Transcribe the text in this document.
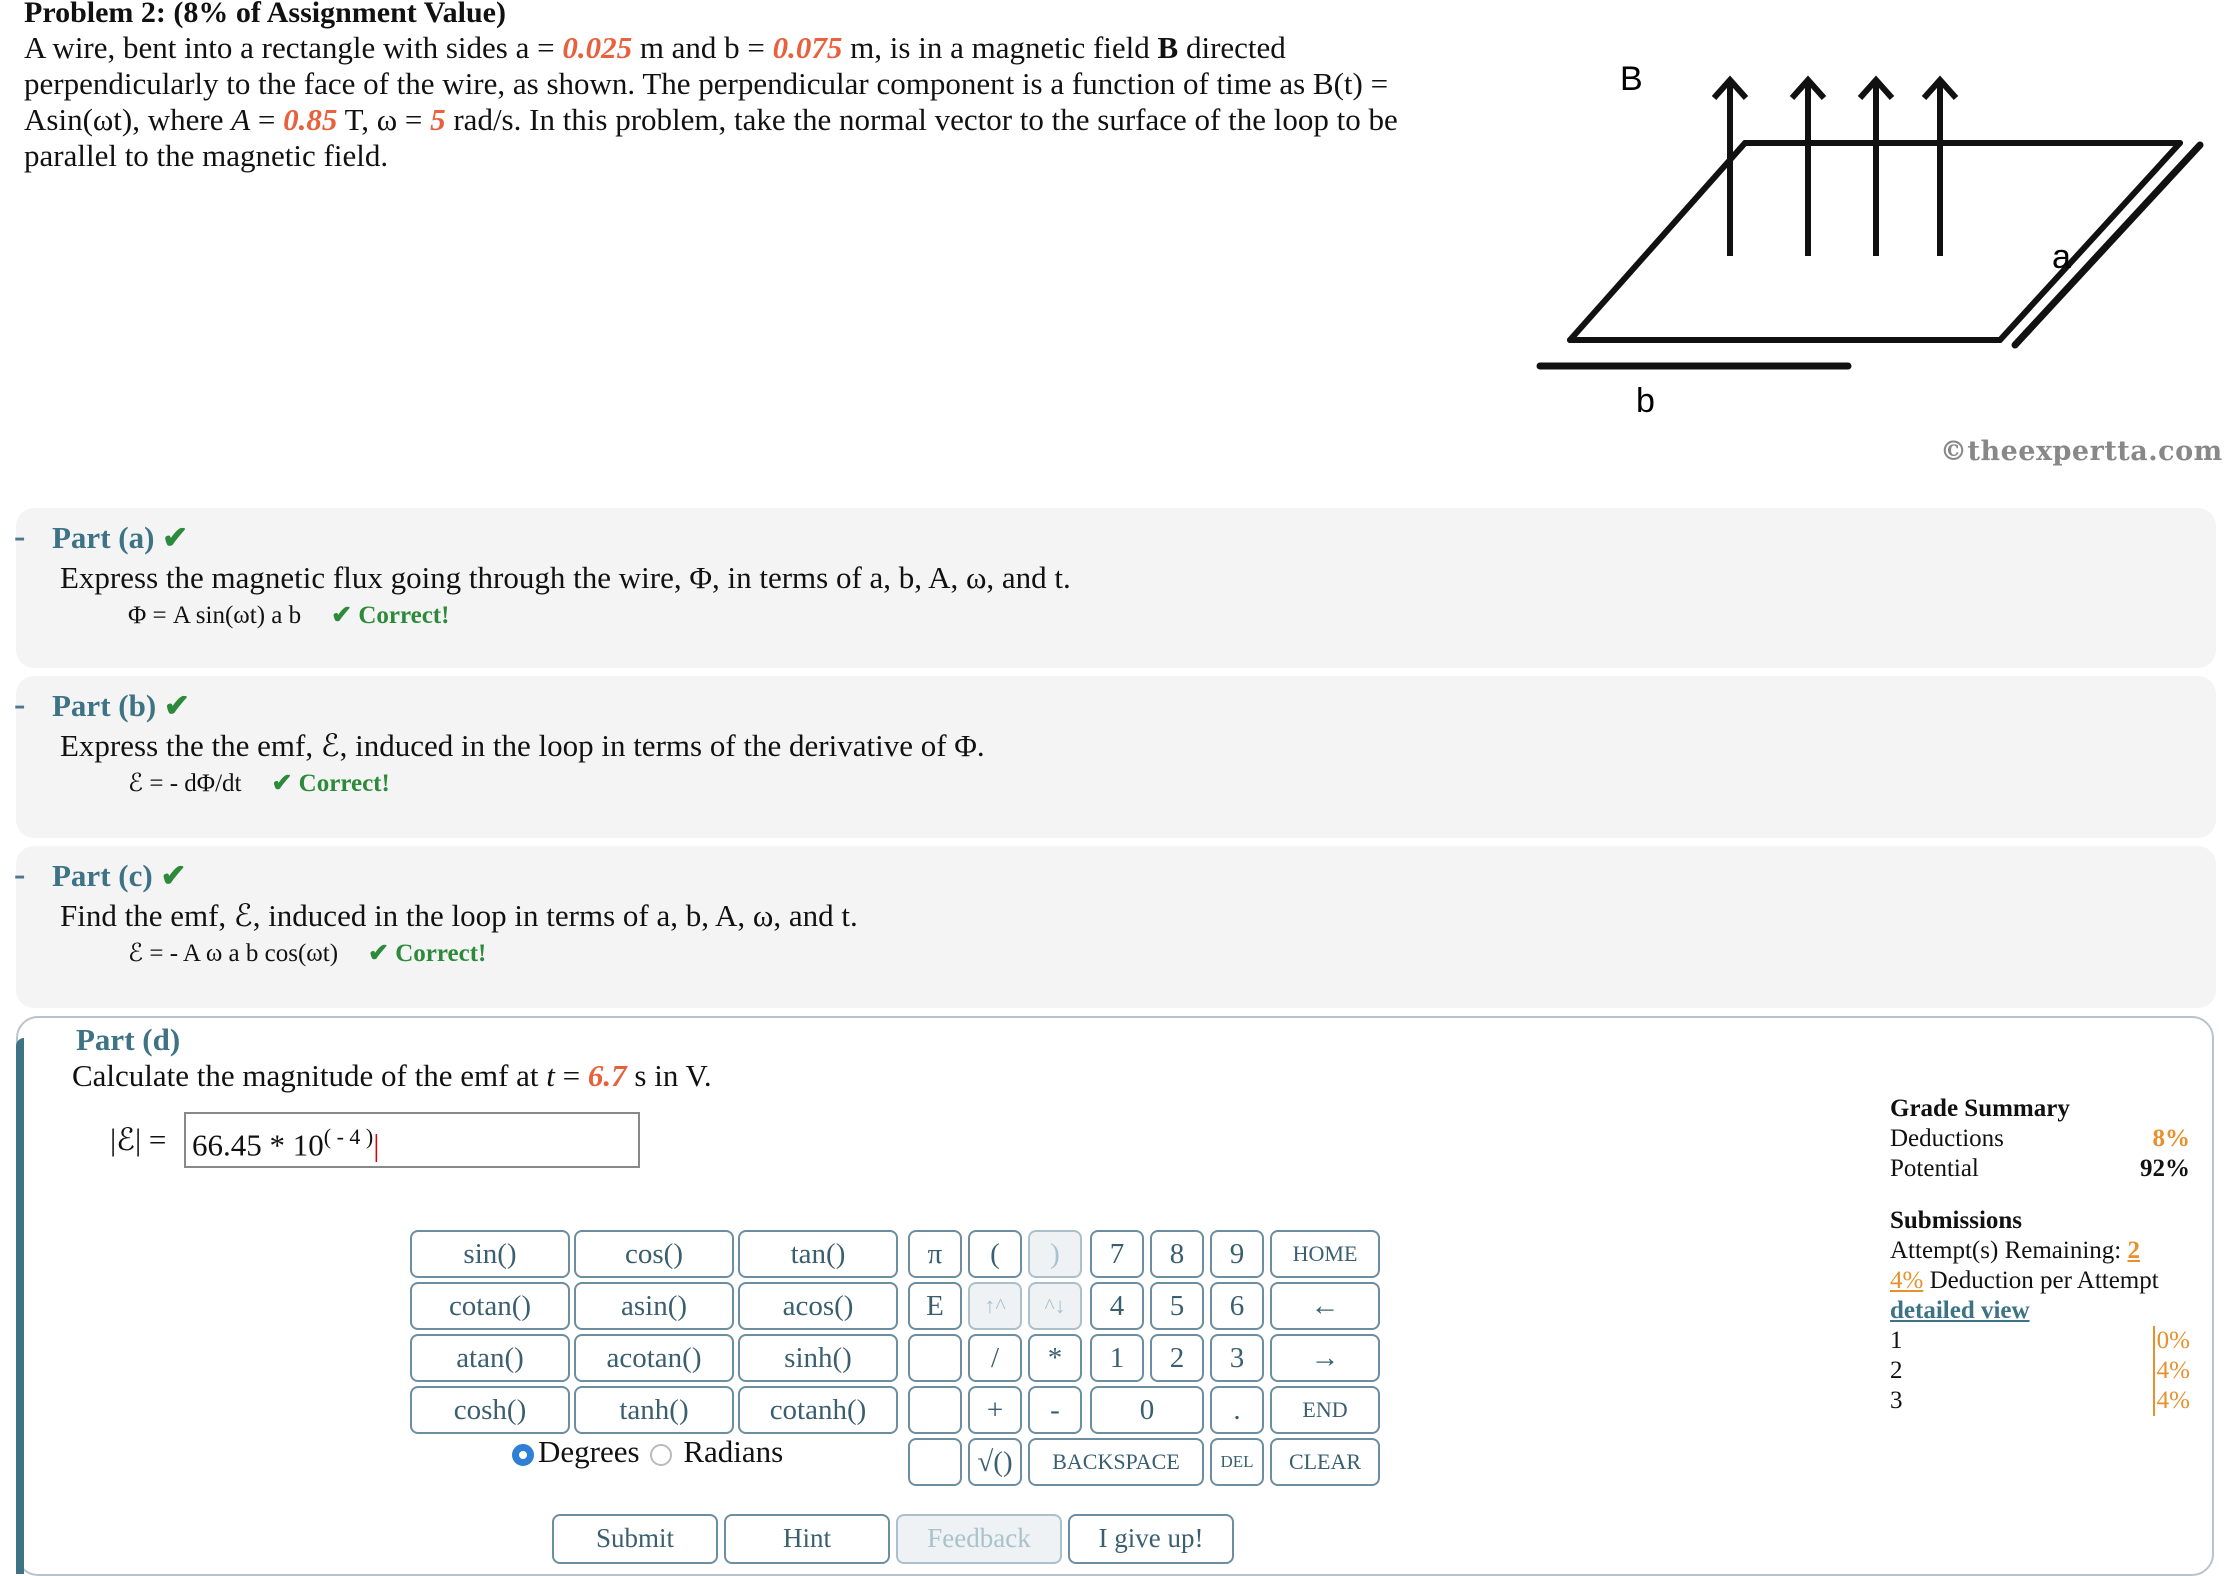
Problem 2: (8% of Assignment Value)
A wire, bent into a rectangle with sides a = 0.025 m and b = 0.075 m, is in a magnetic field B directed perpendicularly to the face of the wire, as shown. The perpendicular component is a function of time as B(t) = Asin(ωt), where A = 0.85 T, ω = 5 rad/s. In this problem, take the normal vector to the surface of the loop to be parallel to the magnetic field.
B
a
b
©theexpertta.com
- Part (a) ✔
Express the magnetic flux going through the wire, Φ, in terms of a, b, A, ω, and t.
Φ = A sin(ωt) a b ✔ Correct!
- Part (b) ✔
Express the the emf, ℰ, induced in the loop in terms of the derivative of Φ.
ℰ = - dΦ/dt ✔ Correct!
- Part (c) ✔
Find the emf, ℰ, induced in the loop in terms of a, b, A, ω, and t.
ℰ = - A ω a b cos(ωt) ✔ Correct!
Part (d)
Calculate the magnitude of the emf at t = 6.7 s in V.
|ℰ| = $66.45 * 10^{( - 4 )}|$
sin()	cos()	tan()
cotan()	asin()	acos()
atan()	acotan()	sinh()
cosh()	tanh()	cotanh()
Degrees Radians
π	(	)	7	8	9	HOME
E	↑^	^↓	4	5	6	←
/	*	1	2	3	→
+	-	0	.	END
√()	BACKSPACE	DEL	CLEAR
Submit	Hint	Feedback	I give up!
Grade Summary
Deductions	8%
Potential	92%
Submissions
Attempt(s) Remaining: 2
4% Deduction per Attempt
detailed view
1	0%
2	4%
3	4%
